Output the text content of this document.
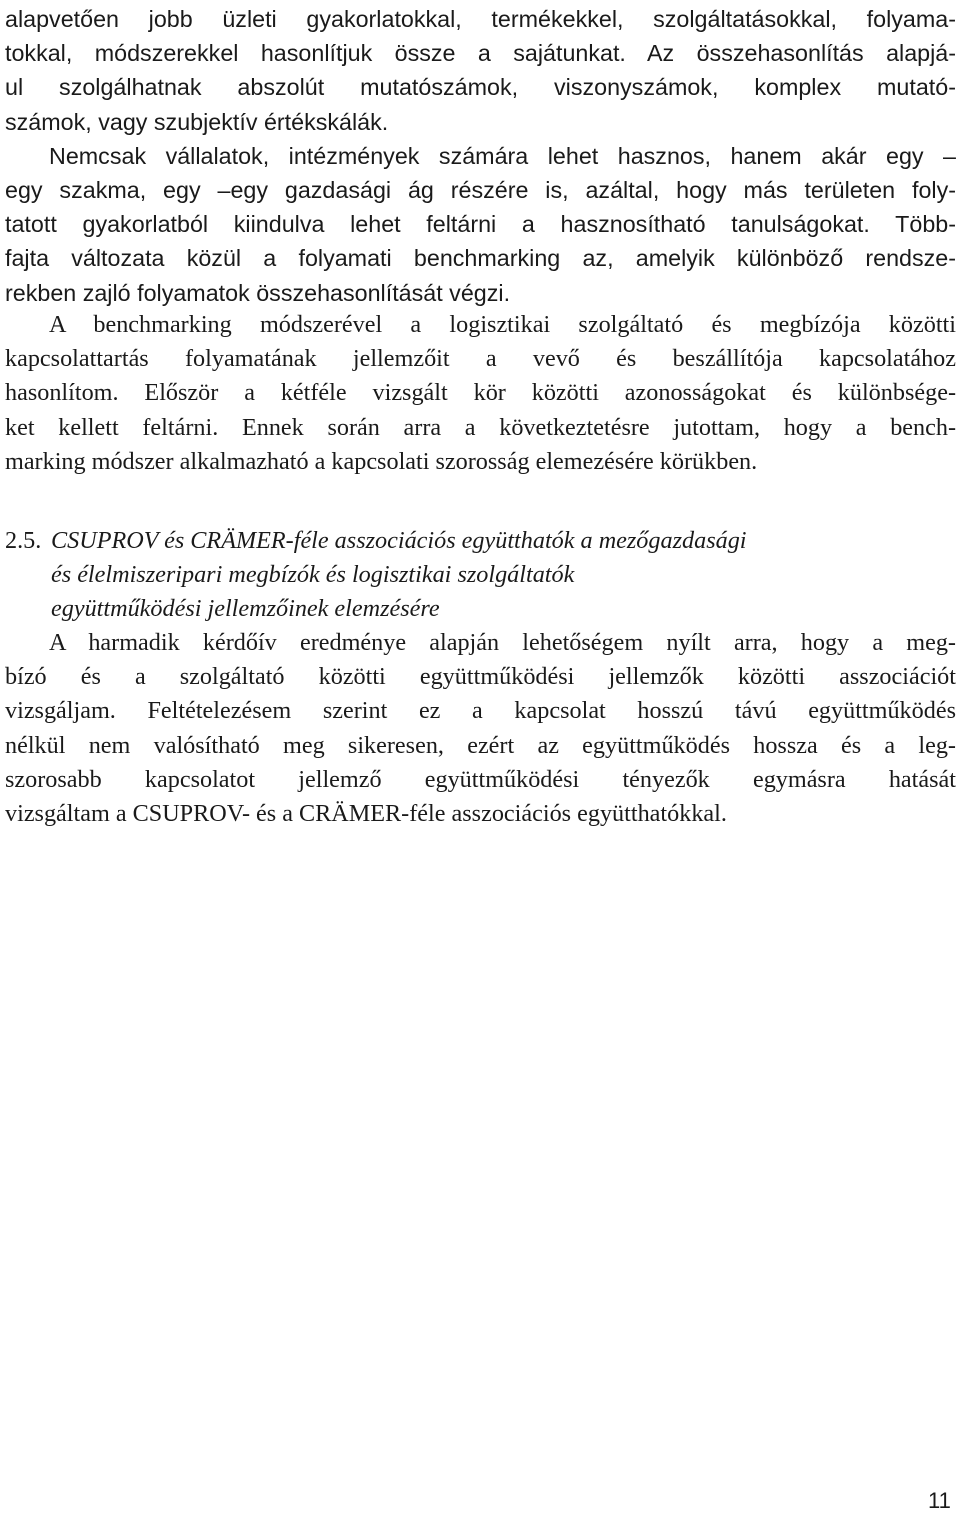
alapvetően jobb üzleti gyakorlatokkal, termékekkel, szolgáltatásokkal, folyama-
tokkal, módszerekkel hasonlítjuk össze a sajátunkat. Az összehasonlítás alapjá-
ul szolgálhatnak abszolút mutatószámok, viszonyszámok, komplex mutató-
számok, vagy szubjektív értékskálák.
Nemcsak vállalatok, intézmények számára lehet hasznos, hanem akár egy –
egy szakma, egy –egy gazdasági ág részére is, azáltal, hogy más területen foly-
tatott gyakorlatból kiindulva lehet feltárni a hasznosítható tanulságokat. Több-
fajta változata közül a folyamati benchmarking az, amelyik különböző rendsze-
rekben zajló folyamatok összehasonlítását végzi.
A benchmarking módszerével a logisztikai szolgáltató és megbízója közötti
kapcsolattartás folyamatának jellemzőit a vevő és beszállítója kapcsolatához
hasonlítom. Először a kétféle vizsgált kör közötti azonosságokat és különbsége-
ket kellett feltárni. Ennek során arra a következtetésre jutottam, hogy a bench-
marking módszer alkalmazható a kapcsolati szorosság elemezésére körükben.
2.5. CSUPROV és CRÄMER-féle asszociációs együtthatók a mezőgazdasági
és élelmiszeripari megbízók és logisztikai szolgáltatók
együttműködési jellemzőinek elemzésére
A harmadik kérdőív eredménye alapján lehetőségem nyílt arra, hogy a meg-
bízó és a szolgáltató közötti együttműködési jellemzők közötti asszociációt
vizsgáljam. Feltételezésem szerint ez a kapcsolat hosszú távú együttműködés
nélkül nem valósítható meg sikeresen, ezért az együttműködés hossza és a leg-
szorosabb kapcsolatot jellemző együttműködési tényezők egymásra hatását
vizsgáltam a CSUPROV- és a CRÄMER-féle asszociációs együtthatókkal.
11
